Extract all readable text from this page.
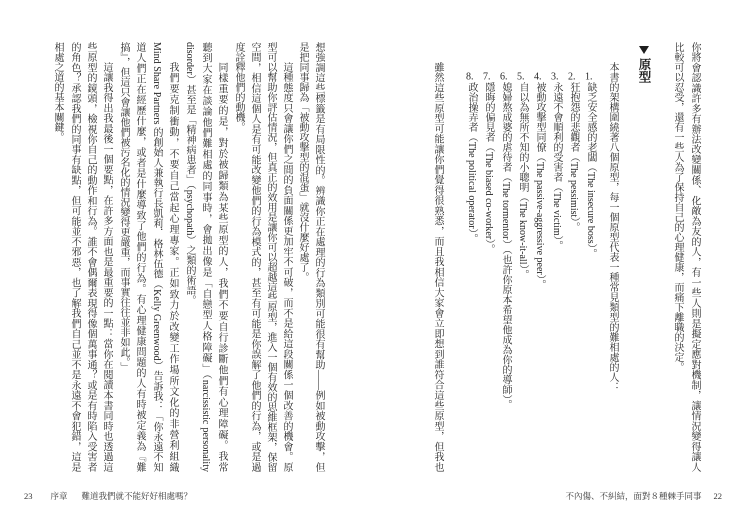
想強調這些標籤是有局限性的。辨識你正在處理的行為類別可能很有幫助——例如被動攻擊，但
是把同事歸為「被動攻擊型的混蛋」就沒什麼好處了。
這種態度只會讓你們之間的負面關係更加牢不可破，而不是給這段關係一個改善的機會。原
型可以幫助你評估情況，但真正的效用是讓你可以超越這些原型，進入一個有效的思維框架，保留
空間，相信這個人是有可能改變他們的行為模式的，甚至有可能是你誤解了他們的行為，或是過
度詮釋他們的動機。
同樣重要的是，對於被歸類為某些原型的人，我們不要自行診斷他們有心理障礙。我常
聽到大家在談論他們難相處的同事時，會拋出像是「自戀型人格障礙」（narcissistic personality
disorder）甚至是「精神病患者」（psychopath）之類的術語。
我們要克制衝動，不要自己當起心理專家。正如致力於改變工作場所文化的非營利組織
Mind Share Partners 的創始人兼執行長凱莉．格林伍德（Kelly Greenwood）告訴我：「你永遠不知
道人們正在經歷什麼，或者是什麼導致了他們的行為。有心理健康問題的人有時被定義為『難
搞』，但這只會讓他們被污名化的情況變得更嚴重，而事實往往並非如此。」
這讓我得出我最後一個要點，在許多方面也是最重要的一點：當你在閱讀本書同時也透過這
些原型的鏡頭，檢視你自己的動作和行為。誰不會偶爾表現得像個萬事通？或是有時陷入受害者
的角色？承認我們的同事有缺點，但可能並不邪惡，也了解我們自己並不是永遠不會犯錯，這是
相處之道的基本關鍵。
23 序章 難道我們就不能好好相處嗎？
你將會認識許多有辦法改變關係、化敵為友的人，有一些人則是擬定應對機制，讓情況變得讓人
比較可以忍受，還有一些人為了保持自己的心理健康，而痛下離職的決定。
原型
本書的架構圍繞著八個原型，每一個原型代表一種常見類型的難相處的人：
1.缺乏安全感的老闆（The insecure boss）。
2.狂抱怨的悲觀者（The pessimist）。
3.永遠不會順利的受害者（The victim）。
4.被動攻擊型同僚（The passive-aggressive peer）。
5.自以為無所不知的小聰明（The know-it-all）。
6.媳婦熬成婆的虐待者（The tormentor）（也許你原本希望他成為你的導師）。
7.隱晦的偏見者（The biased co-worker）。
8.政治操弄者（The political operator）。
雖然這些原型可能讓你們覺得很熟悉，而且我相信大家會立即想到誰符合這些原型，但我也
不內傷、不糾結，面對８種棘手同事 22
